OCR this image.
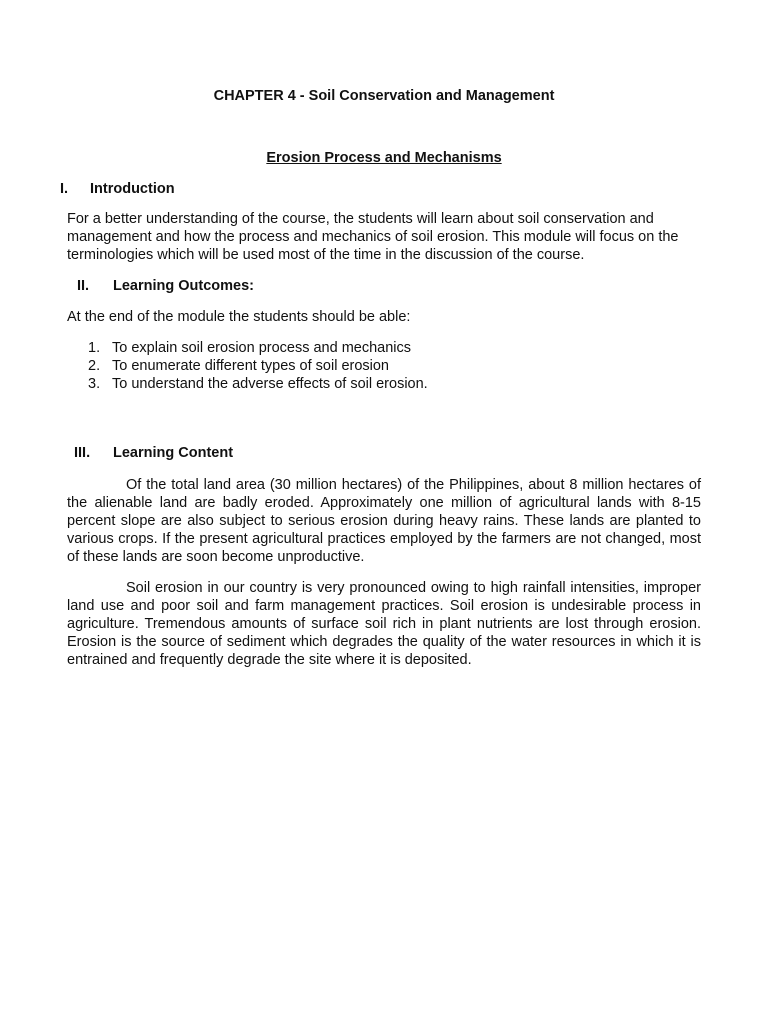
CHAPTER 4 - Soil Conservation and Management

Erosion Process and Mechanisms

I. Introduction

For a better understanding of the course, the students will learn about soil conservation and management and how the process and mechanics of soil erosion. This module will focus on the terminologies which will be used most of the time in the discussion of the course.

II. Learning Outcomes:

At the end of the module the students should be able:

1. To explain soil erosion process and mechanics
2. To enumerate different types of soil erosion
3. To understand the adverse effects of soil erosion.
III. Learning Content

Of the total land area (30 million hectares) of the Philippines, about 8 million hectares of the alienable land are badly eroded. Approximately one million of agricultural lands with 8-15 percent slope are also subject to serious erosion during heavy rains. These lands are planted to various crops. If the present agricultural practices employed by the farmers are not changed, most of these lands are soon become unproductive.

Soil erosion in our country is very pronounced owing to high rainfall intensities, improper land use and poor soil and farm management practices. Soil erosion is undesirable process in agriculture. Tremendous amounts of surface soil rich in plant nutrients are lost through erosion. Erosion is the source of sediment which degrades the quality of the water resources in which it is entrained and frequently degrade the site where it is deposited.
